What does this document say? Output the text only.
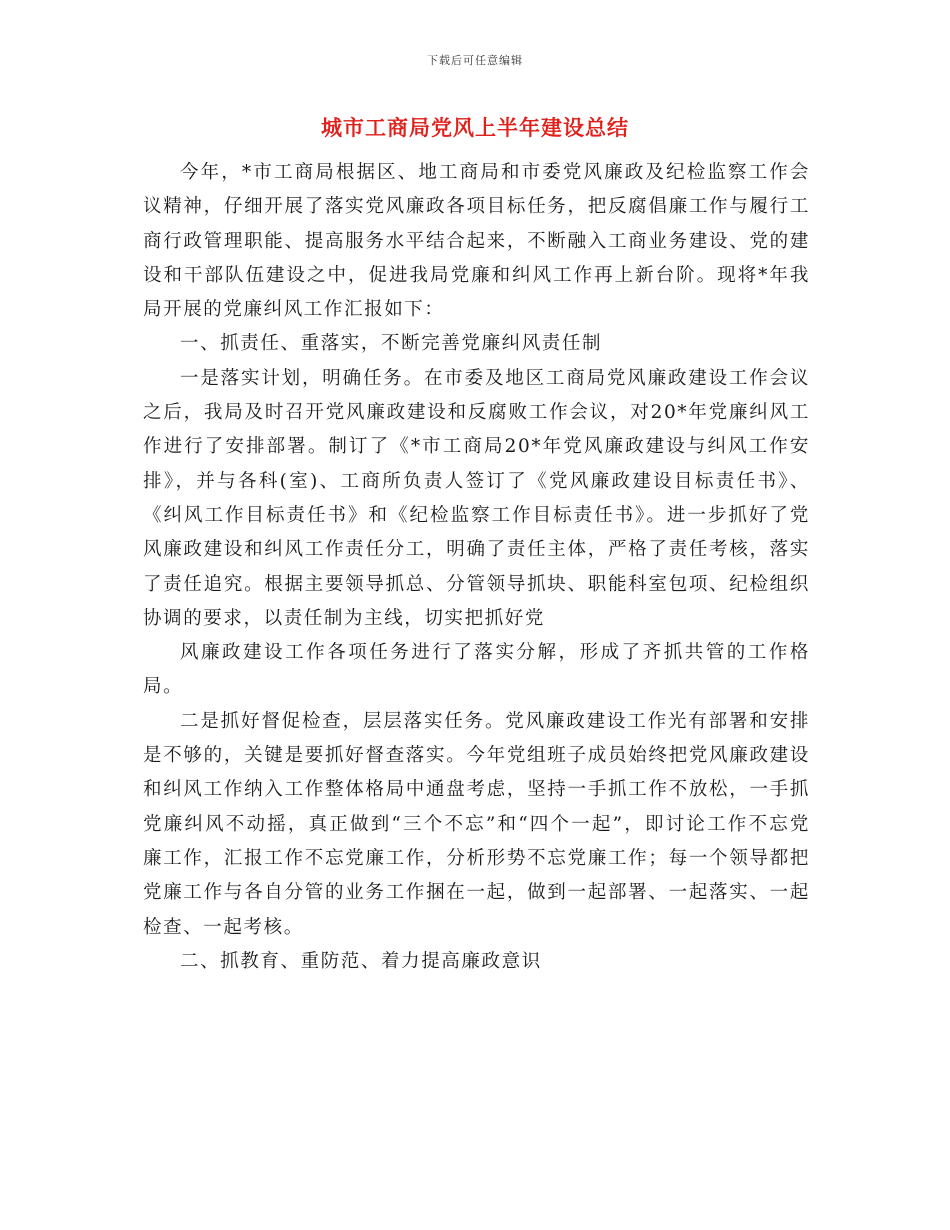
下载后可任意编辑
城市工商局党风上半年建设总结

今年，*市工商局根据区、地工商局和市委党风廉政及纪检监察工作会议精神，仔细开展了落实党风廉政各项目标任务，把反腐倡廉工作与履行工商行政管理职能、提高服务水平结合起来，不断融入工商业务建设、党的建设和干部队伍建设之中，促进我局党廉和纠风工作再上新台阶。现将*年我局开展的党廉纠风工作汇报如下：

一、抓责任、重落实，不断完善党廉纠风责任制

一是落实计划，明确任务。在市委及地区工商局党风廉政建设工作会议之后，我局及时召开党风廉政建设和反腐败工作会议，对20*年党廉纠风工作进行了安排部署。制订了《*市工商局20*年党风廉政建设与纠风工作安排》，并与各科(室)、工商所负责人签订了《党风廉政建设目标责任书》、《纠风工作目标责任书》和《纪检监察工作目标责任书》。进一步抓好了党风廉政建设和纠风工作责任分工，明确了责任主体，严格了责任考核，落实了责任追究。根据主要领导抓总、分管领导抓块、职能科室包项、纪检组织协调的要求，以责任制为主线，切实把抓好党

风廉政建设工作各项任务进行了落实分解，形成了齐抓共管的工作格局。

二是抓好督促检查，层层落实任务。党风廉政建设工作光有部署和安排是不够的，关键是要抓好督查落实。今年党组班子成员始终把党风廉政建设和纠风工作纳入工作整体格局中通盘考虑，坚持一手抓工作不放松，一手抓党廉纠风不动摇，真正做到“三个不忘”和“四个一起”，即讨论工作不忘党廉工作，汇报工作不忘党廉工作，分析形势不忘党廉工作；每一个领导都把党廉工作与各自分管的业务工作捆在一起，做到一起部署、一起落实、一起检查、一起考核。

二、抓教育、重防范、着力提高廉政意识
